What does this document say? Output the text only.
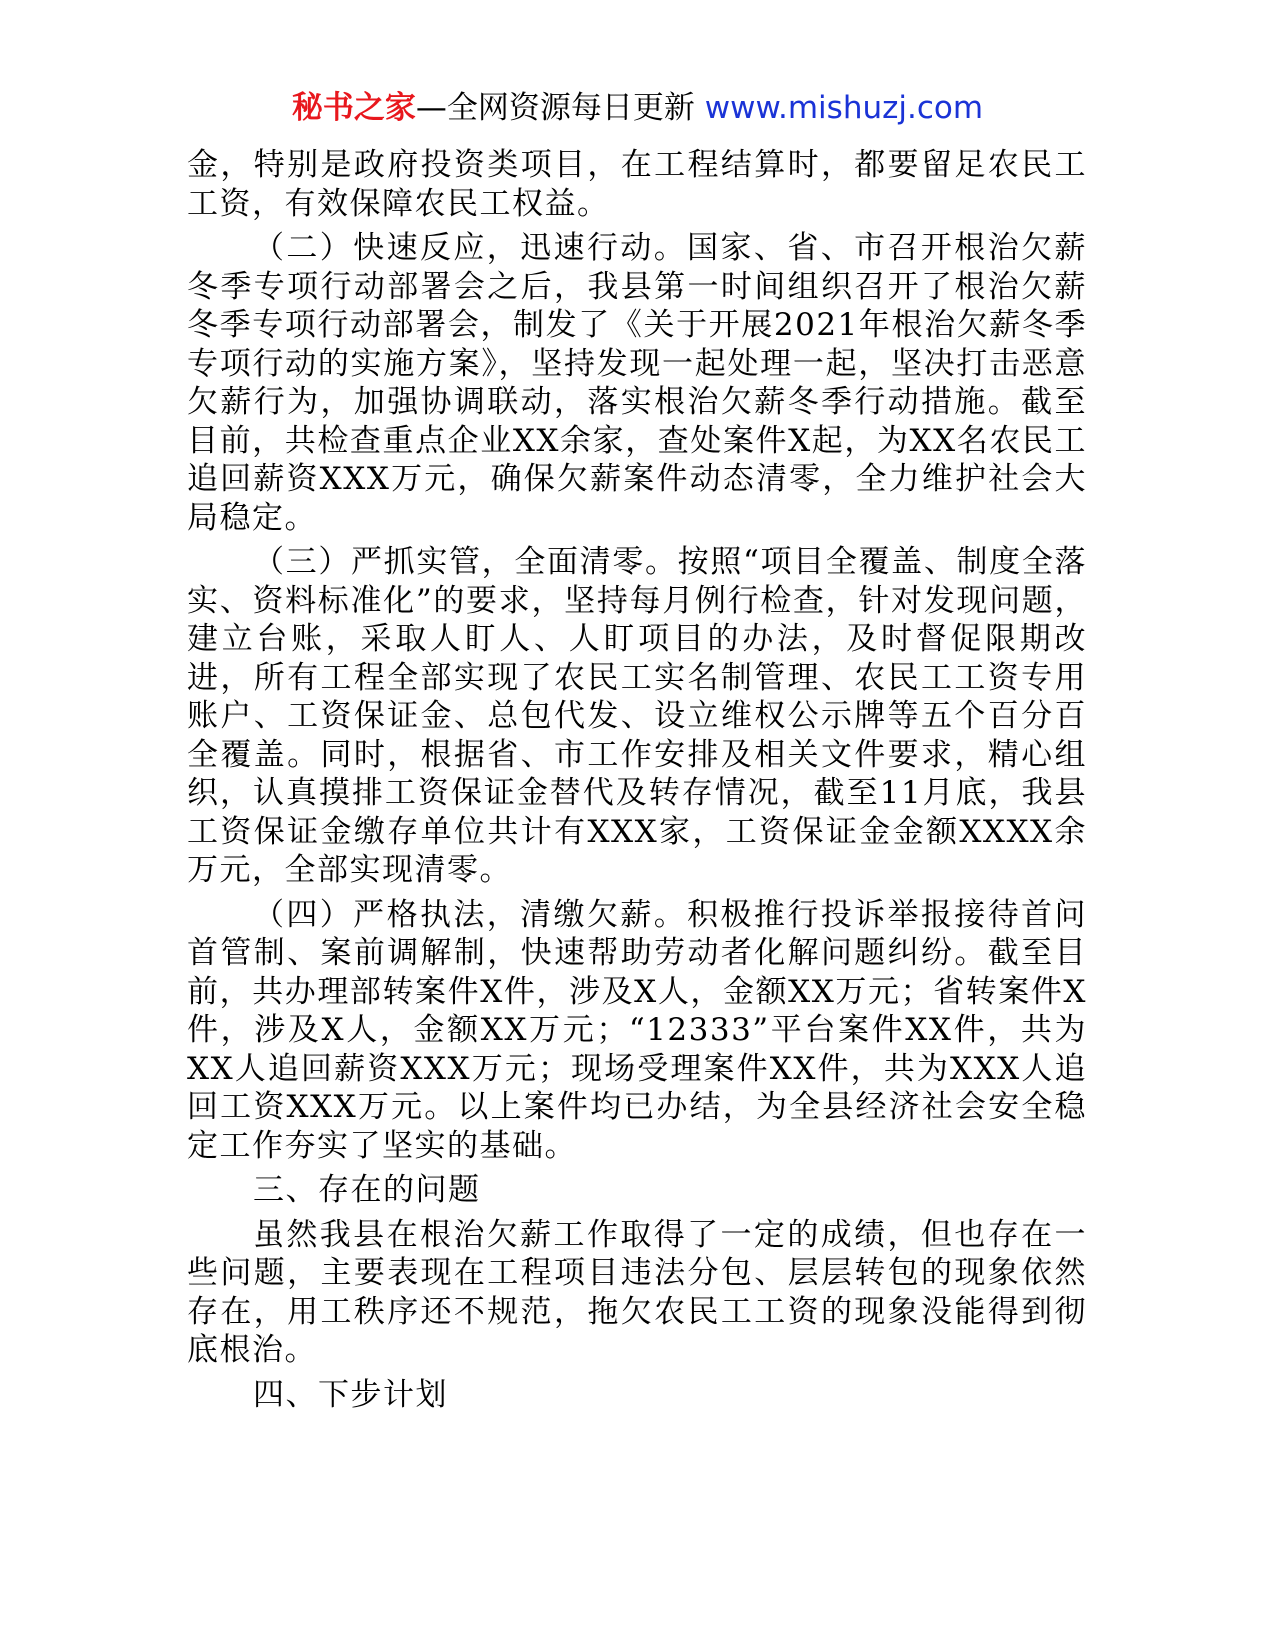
秘书之家—全网资源每日更新 www.mishuzj.com

金，特别是政府投资类项目，在工程结算时，都要留足农民工工资，有效保障农民工权益。

（二）快速反应，迅速行动。国家、省、市召开根治欠薪冬季专项行动部署会之后，我县第一时间组织召开了根治欠薪冬季专项行动部署会，制发了《关于开展2021年根治欠薪冬季专项行动的实施方案》，坚持发现一起处理一起，坚决打击恶意欠薪行为，加强协调联动，落实根治欠薪冬季行动措施。截至目前，共检查重点企业XX余家，查处案件X起，为XX名农民工追回薪资XXX万元，确保欠薪案件动态清零，全力维护社会大局稳定。

（三）严抓实管，全面清零。按照“项目全覆盖、制度全落实、资料标准化”的要求，坚持每月例行检查，针对发现问题，建立台账，采取人盯人、人盯项目的办法，及时督促限期改进，所有工程全部实现了农民工实名制管理、农民工工资专用账户、工资保证金、总包代发、设立维权公示牌等五个百分百全覆盖。同时，根据省、市工作安排及相关文件要求，精心组织，认真摸排工资保证金替代及转存情况，截至11月底，我县工资保证金缴存单位共计有XXX家，工资保证金金额XXXX余万元，全部实现清零。

（四）严格执法，清缴欠薪。积极推行投诉举报接待首问首管制、案前调解制，快速帮助劳动者化解问题纠纷。截至目前，共办理部转案件X件，涉及X人，金额XX万元；省转案件X件，涉及X人，金额XX万元；“12333”平台案件XX件，共为XX人追回薪资XXX万元；现场受理案件XX件，共为XXX人追回工资XXX万元。以上案件均已办结，为全县经济社会安全稳定工作夯实了坚实的基础。

三、存在的问题

虽然我县在根治欠薪工作取得了一定的成绩，但也存在一些问题，主要表现在工程项目违法分包、层层转包的现象依然存在，用工秩序还不规范，拖欠农民工工资的现象没能得到彻底根治。

四、下步计划
